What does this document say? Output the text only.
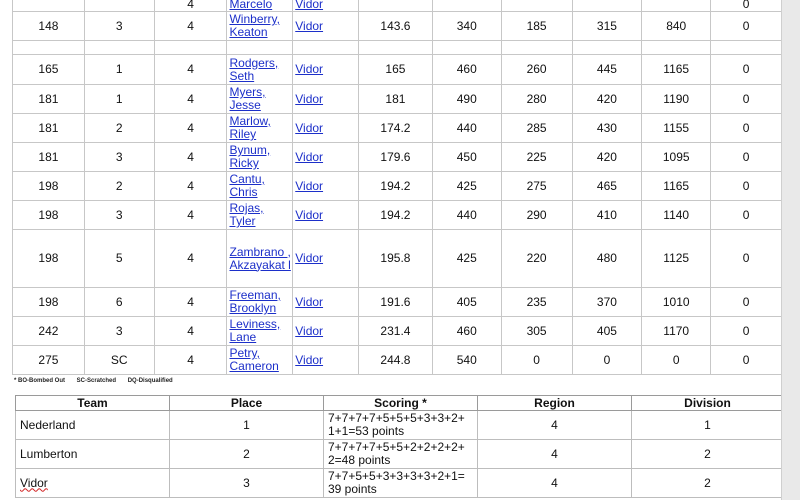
		4	Marcelo	Vidor						0
148	3	4	Winberry, Keaton	Vidor	143.6	340	185	315	840	0

165	1	4	Rodgers, Seth	Vidor	165	460	260	445	1165	0
181	1	4	Myers, Jesse	Vidor	181	490	280	420	1190	0
181	2	4	Marlow, Riley	Vidor	174.2	440	285	430	1155	0
181	3	4	Bynum, Ricky	Vidor	179.6	450	225	420	1095	0
198	2	4	Cantu, Chris	Vidor	194.2	425	275	465	1165	0
198	3	4	Rojas, Tyler	Vidor	194.2	440	290	410	1140	0
198	5	4	Zambrano , Akzayakat l	Vidor	195.8	425	220	480	1125	0
198	6	4	Freeman, Brooklyn	Vidor	191.6	405	235	370	1010	0
242	3	4	Leviness, Lane	Vidor	231.4	460	305	405	1170	0
275	SC	4	Petry, Cameron	Vidor	244.8	540	0	0	0	0
* BO-Bombed Out SC-Scratched DQ-Disqualified
Team	Place	Scoring *	Region	Division
Nederland	1	7+7+7+7+5+5+5+3+3+2+ 1+1=53 points	4	1
Lumberton	2	7+7+7+7+5+5+2+2+2+2+ 2=48 points	4	2
Vidor	3	7+7+5+5+3+3+3+3+2+1= 39 points	4	2
